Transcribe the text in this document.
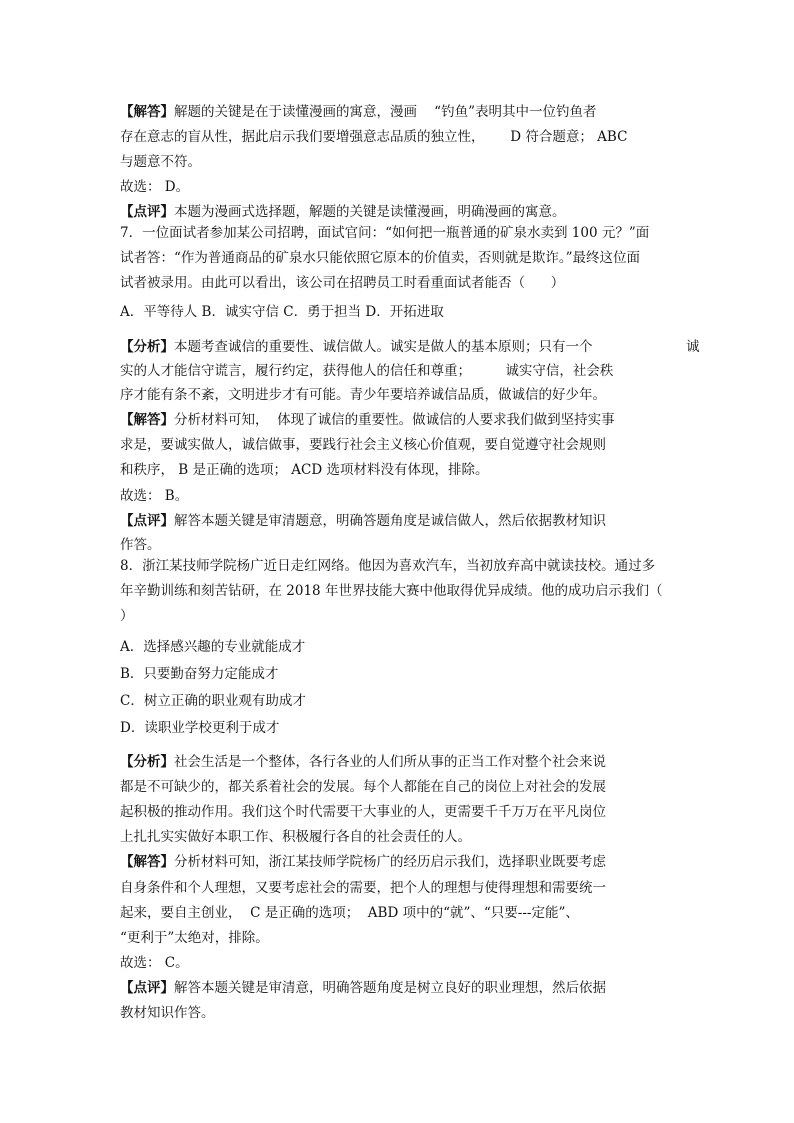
【解答】解题的关键是在于读懂漫画的寓意，漫画    “钓鱼”表明其中一位钓鱼者
存在意志的盲从性，据此启示我们要增强意志品质的独立性，      D 符合题意； ABC
与题意不符。
故选： D。
【点评】本题为漫画式选择题，解题的关键是读懂漫画，明确漫画的寓意。
7．一位面试者参加某公司招聘，面试官问：“如何把一瓶普通的矿泉水卖到 100 元？”面
试者答：“作为普通商品的矿泉水只能依照它原本的价值卖，否则就是欺诈。”最终这位面
试者被录用。由此可以看出，该公司在招聘员工时看重面试者能否（      ）
A．平等待人 B．诚实守信 C．勇于担当 D．开拓进取
【分析】本题考查诚信的重要性、诚信做人。诚实是做人的基本原则；只有一个	诚
实的人才能信守谎言，履行约定，获得他人的信任和尊重；        诚实守信，社会秩
序才能有条不紊，文明进步才有可能。青少年要培养诚信品质，做诚信的好少年。
【解答】分析材料可知，  体现了诚信的重要性。做诚信的人要求我们做到坚持实事
求是，要诚实做人，诚信做事，要践行社会主义核心价值观，要自觉遵守社会规则
和秩序， B 是正确的选项； ACD 选项材料没有体现，排除。
故选： B。
【点评】解答本题关键是审清题意，明确答题角度是诚信做人，然后依据教材知识
作答。
8．浙江某技师学院杨广近日走红网络。他因为喜欢汽车，当初放弃高中就读技校。通过多
年辛勤训练和刻苦钻研，在 2018 年世界技能大赛中他取得优异成绩。他的成功启示我们（
）
A．选择感兴趣的专业就能成才
B．只要勤奋努力定能成才
C．树立正确的职业观有助成才
D．读职业学校更利于成才
【分析】社会生活是一个整体，各行各业的人们所从事的正当工作对整个社会来说
都是不可缺少的，都关系着社会的发展。每个人都能在自己的岗位上对社会的发展
起积极的推动作用。我们这个时代需要干大事业的人，更需要千千万万在平凡岗位
上扎扎实实做好本职工作、积极履行各自的社会责任的人。
【解答】分析材料可知，浙江某技师学院杨广的经历启示我们，选择职业既要考虑
自身条件和个人理想，又要考虑社会的需要，把个人的理想与使得理想和需要统一
起来，要自主创业，  C 是正确的选项；  ABD 项中的“就”、“只要---定能”、
“更利于”太绝对，排除。
故选： C。
【点评】解答本题关键是审清意，明确答题角度是树立良好的职业理想，然后依据
教材知识作答。
